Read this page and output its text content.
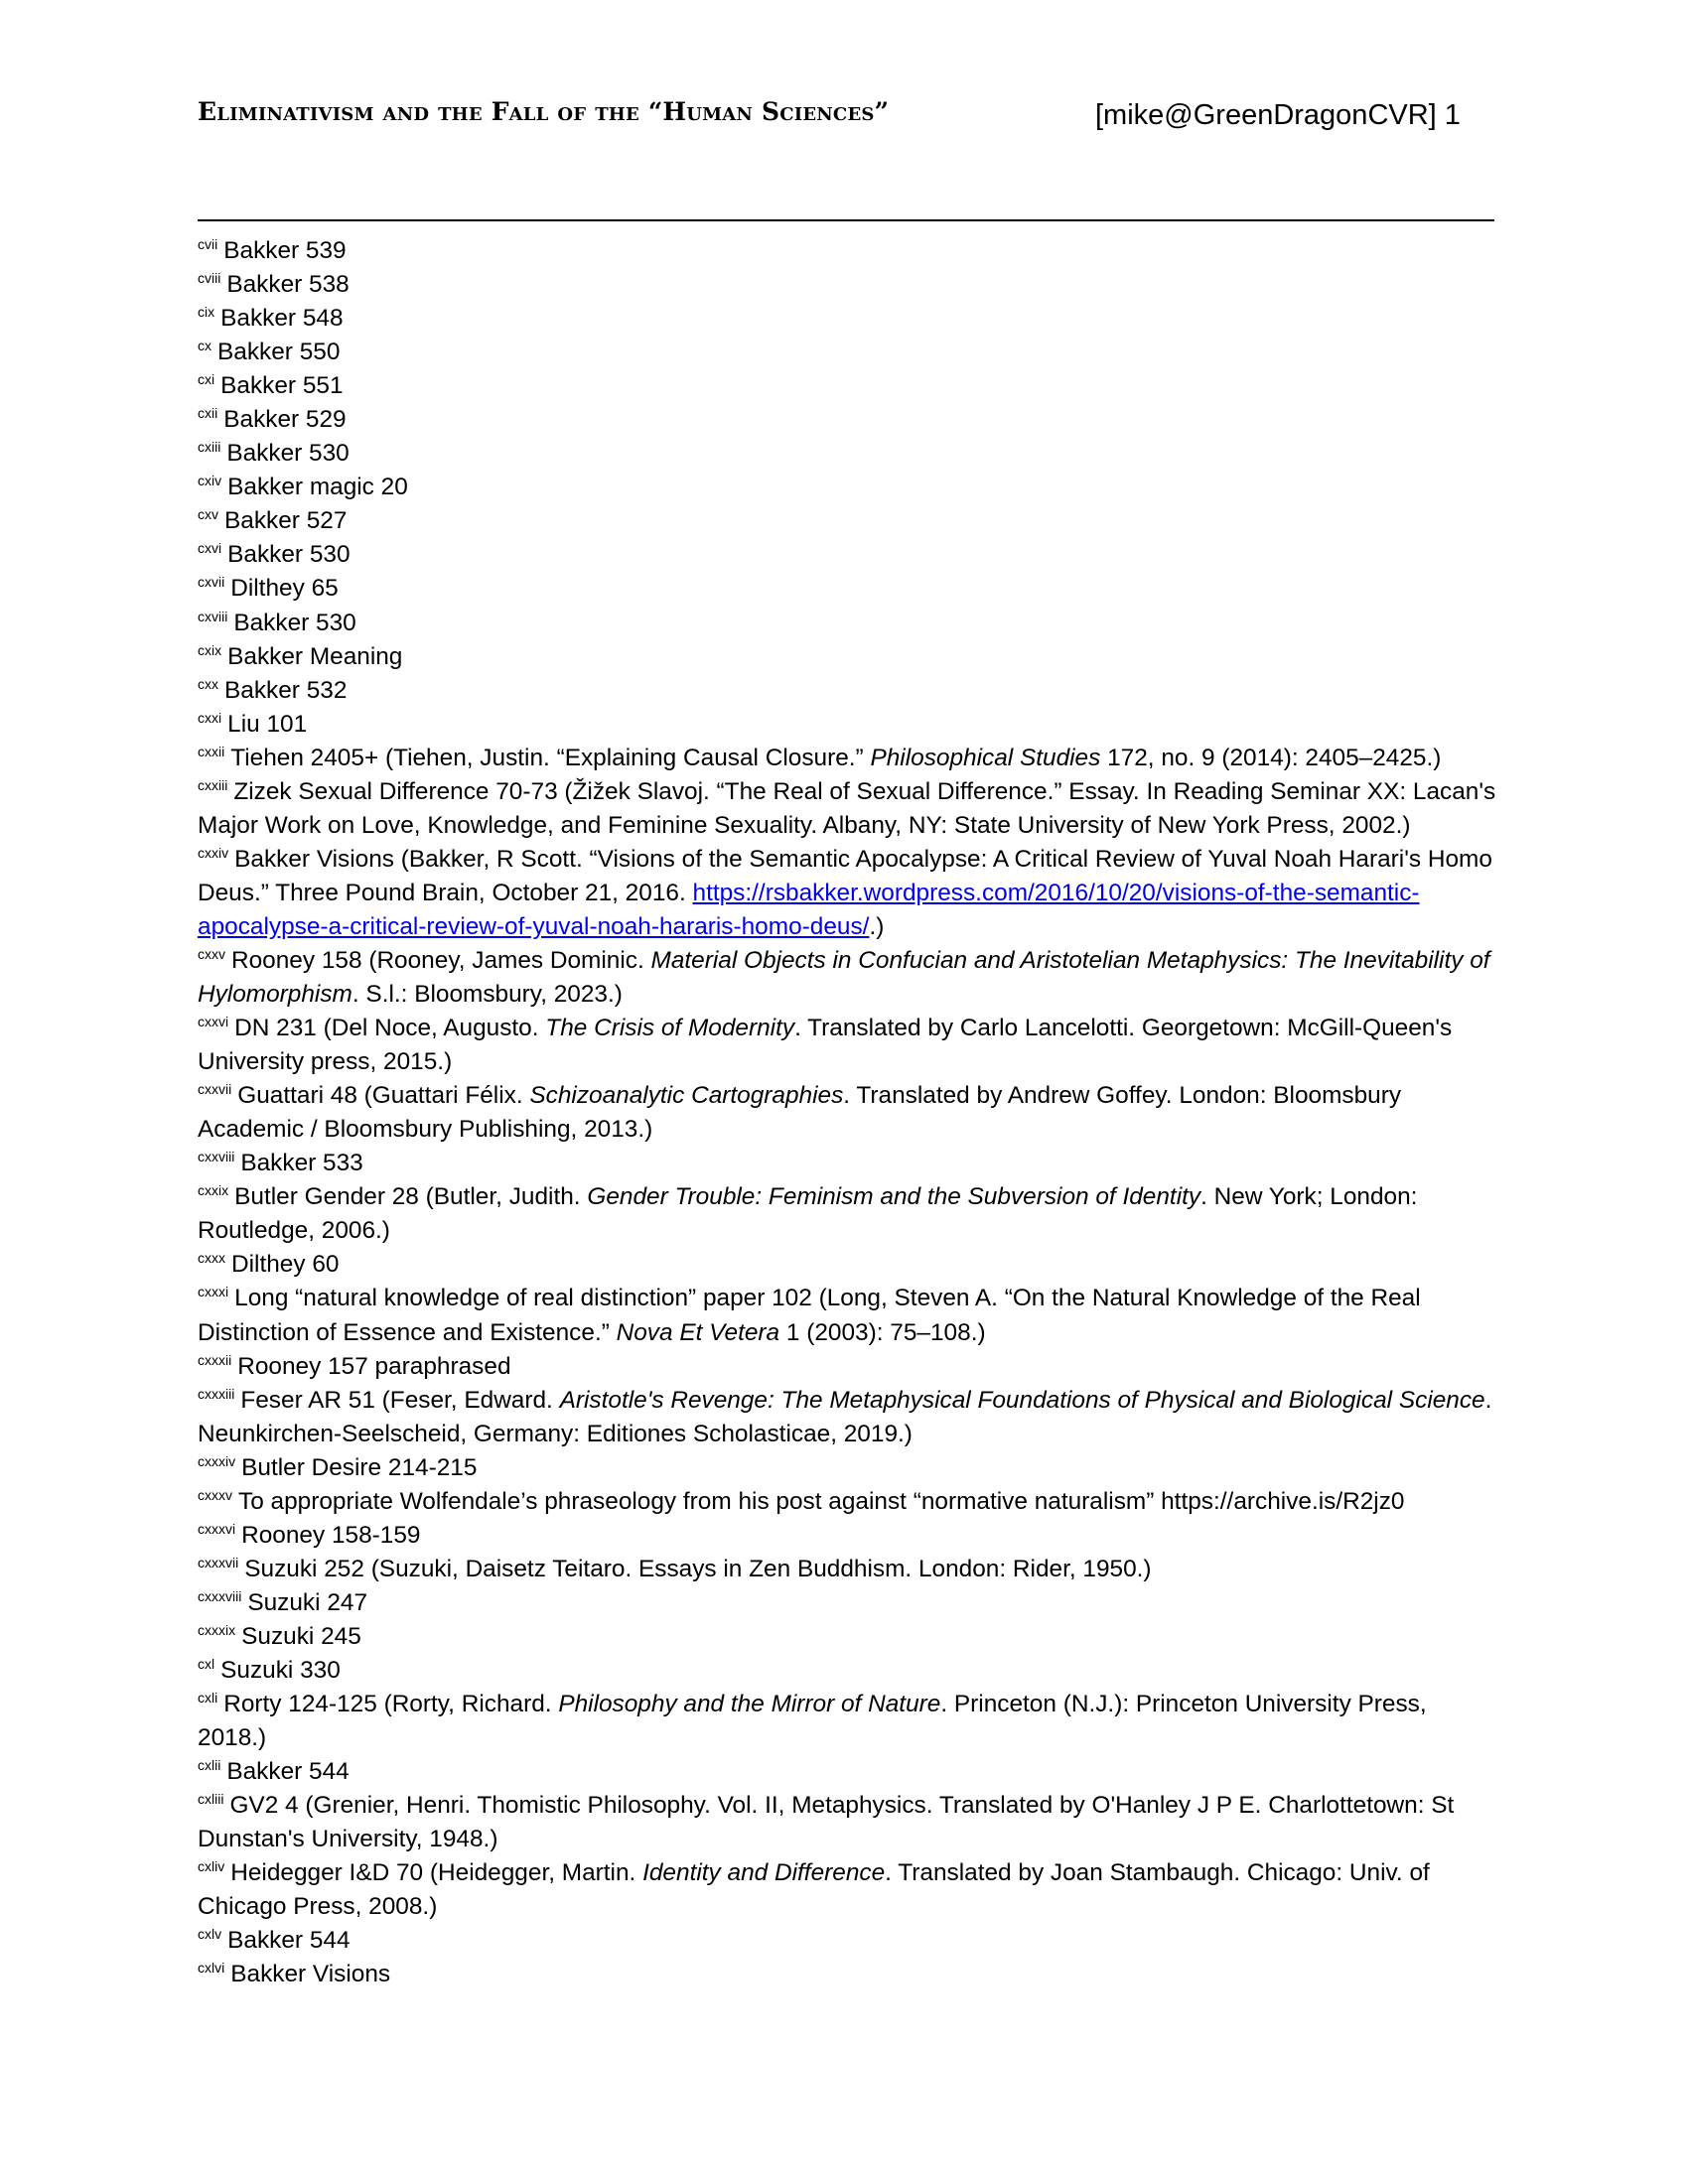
Eliminativism and the Fall of the “Human Sciences”	[mike@GreenDragonCVR] 1

$^{cvii}$ Bakker 539

$^{cviii}$ Bakker 538

$^{cix}$ Bakker 548

$^{cx}$ Bakker 550

$^{cxi}$ Bakker 551

$^{cxii}$ Bakker 529

$^{cxiii}$ Bakker 530

$^{cxiv}$ Bakker magic 20

$^{cxv}$ Bakker 527

$^{cxvi}$ Bakker 530

$^{cxvii}$ Dilthey 65

$^{cxviii}$ Bakker 530

$^{cxix}$ Bakker Meaning

$^{cxx}$ Bakker 532

$^{cxxi}$ Liu 101

$^{cxxii}$ Tiehen 2405+ (Tiehen, Justin. “Explaining Causal Closure.” Philosophical Studies 172, no. 9 (2014): 2405–2425.)

$^{cxxiii}$ Zizek Sexual Difference 70-73 (Žižek Slavoj. “The Real of Sexual Difference.” Essay. In Reading Seminar XX: Lacan's Major Work on Love, Knowledge, and Feminine Sexuality. Albany, NY: State University of New York Press, 2002.)

$^{cxxiv}$ Bakker Visions (Bakker, R Scott. “Visions of the Semantic Apocalypse: A Critical Review of Yuval Noah Harari's Homo Deus.” Three Pound Brain, October 21, 2016. https://rsbakker.wordpress.com/2016/10/20/visions-of-the-semantic-apocalypse-a-critical-review-of-yuval-noah-hararis-homo-deus/.)

$^{cxxv}$ Rooney 158 (Rooney, James Dominic. Material Objects in Confucian and Aristotelian Metaphysics: The Inevitability of Hylomorphism. S.l.: Bloomsbury, 2023.)

$^{cxxvi}$ DN 231 (Del Noce, Augusto. The Crisis of Modernity. Translated by Carlo Lancelotti. Georgetown: McGill-Queen's University press, 2015.)

$^{cxxvii}$ Guattari 48 (Guattari Félix. Schizoanalytic Cartographies. Translated by Andrew Goffey. London: Bloomsbury Academic / Bloomsbury Publishing, 2013.)

$^{cxxviii}$ Bakker 533

$^{cxxix}$ Butler Gender 28 (Butler, Judith. Gender Trouble: Feminism and the Subversion of Identity. New York; London: Routledge, 2006.)

$^{cxxx}$ Dilthey 60

$^{cxxxi}$ Long “natural knowledge of real distinction” paper 102 (Long, Steven A. “On the Natural Knowledge of the Real Distinction of Essence and Existence.” Nova Et Vetera 1 (2003): 75–108.)

$^{cxxxii}$ Rooney 157 paraphrased

$^{cxxxiii}$ Feser AR 51 (Feser, Edward. Aristotle's Revenge: The Metaphysical Foundations of Physical and Biological Science. Neunkirchen-Seelscheid, Germany: Editiones Scholasticae, 2019.)

$^{cxxxiv}$ Butler Desire 214-215

$^{cxxxv}$ To appropriate Wolfendale’s phraseology from his post against “normative naturalism” https://archive.is/R2jz0

$^{cxxxvi}$ Rooney 158-159

$^{cxxxvii}$ Suzuki 252 (Suzuki, Daisetz Teitaro. Essays in Zen Buddhism. London: Rider, 1950.)

$^{cxxxviii}$ Suzuki 247

$^{cxxxix}$ Suzuki 245

$^{cxl}$ Suzuki 330

$^{cxli}$ Rorty 124-125 (Rorty, Richard. Philosophy and the Mirror of Nature. Princeton (N.J.): Princeton University Press, 2018.)

$^{cxlii}$ Bakker 544

$^{cxliii}$ GV2 4 (Grenier, Henri. Thomistic Philosophy. Vol. II, Metaphysics. Translated by O'Hanley J P E. Charlottetown: St Dunstan's University, 1948.)

$^{cxliv}$ Heidegger I&D 70 (Heidegger, Martin. Identity and Difference. Translated by Joan Stambaugh. Chicago: Univ. of Chicago Press, 2008.)

$^{cxlv}$ Bakker 544

$^{cxlvi}$ Bakker Visions
